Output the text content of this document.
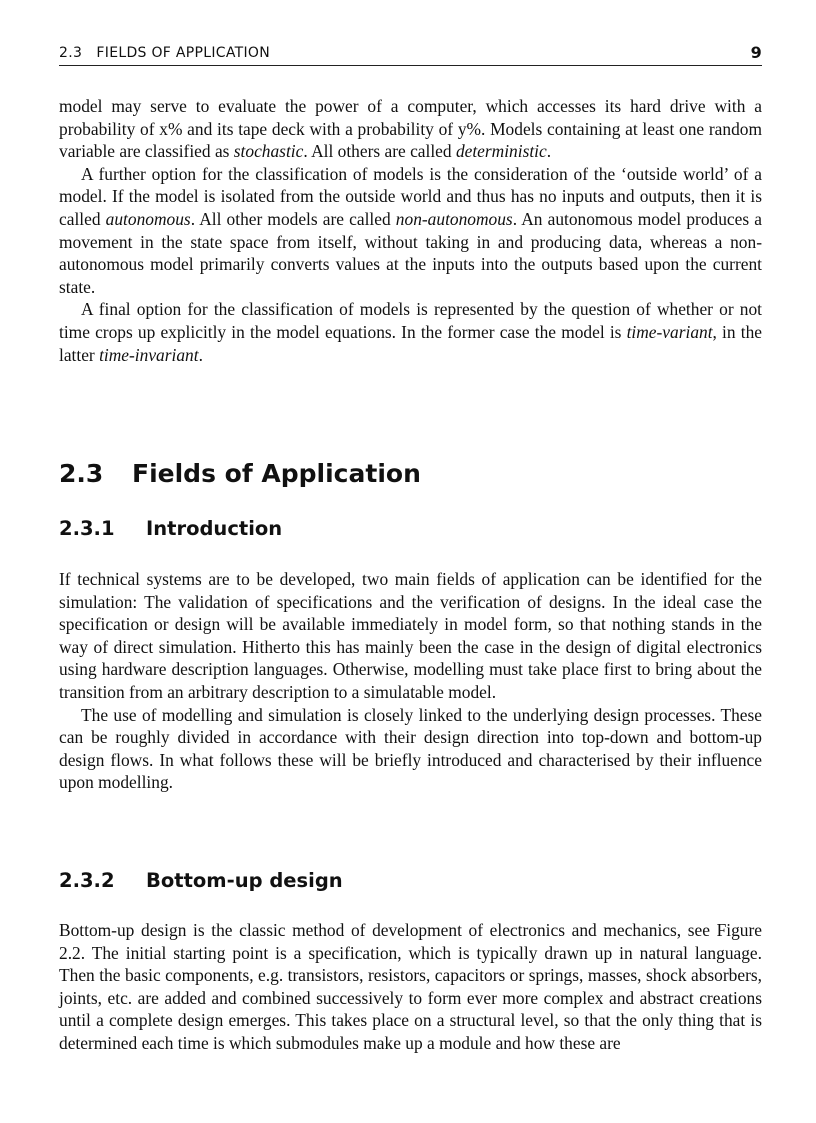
2.3   FIELDS OF APPLICATION	9

model may serve to evaluate the power of a computer, which accesses its hard drive with a probability of x% and its tape deck with a probability of y%. Models containing at least one random variable are classified as stochastic. All others are called deterministic.

A further option for the classification of models is the consideration of the ‘outside world’ of a model. If the model is isolated from the outside world and thus has no inputs and outputs, then it is called autonomous. All other models are called non-autonomous. An autonomous model produces a movement in the state space from itself, without taking in and producing data, whereas a non-autonomous model primarily converts values at the inputs into the outputs based upon the current state.

A final option for the classification of models is represented by the question of whether or not time crops up explicitly in the model equations. In the former case the model is time-variant, in the latter time-invariant.

2.3 Fields of Application
2.3.1 Introduction

If technical systems are to be developed, two main fields of application can be identified for the simulation: The validation of specifications and the verification of designs. In the ideal case the specification or design will be available immediately in model form, so that nothing stands in the way of direct simulation. Hitherto this has mainly been the case in the design of digital electronics using hardware description languages. Otherwise, modelling must take place first to bring about the transition from an arbitrary description to a simulatable model.

The use of modelling and simulation is closely linked to the underlying design processes. These can be roughly divided in accordance with their design direction into top-down and bottom-up design flows. In what follows these will be briefly introduced and characterised by their influence upon modelling.

2.3.2 Bottom-up design

Bottom-up design is the classic method of development of electronics and mechanics, see Figure 2.2. The initial starting point is a specification, which is typically drawn up in natural language. Then the basic components, e.g. transistors, resistors, capacitors or springs, masses, shock absorbers, joints, etc. are added and combined successively to form ever more complex and abstract creations until a complete design emerges. This takes place on a structural level, so that the only thing that is determined each time is which submodules make up a module and how these are
